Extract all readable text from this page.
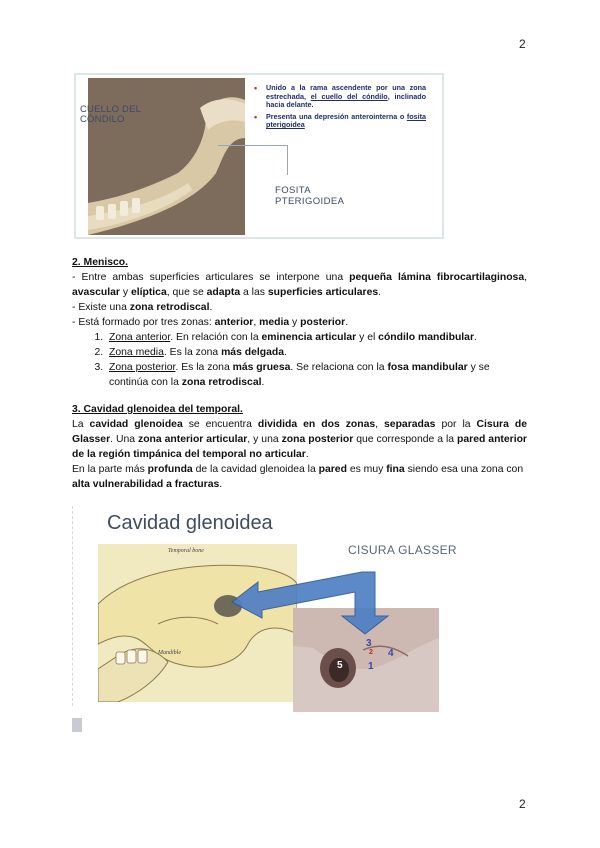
2
CUELLO DEL CÓNDILO
FOSITA PTERIGOIDEA
• Unido a la rama ascendente por una zona estrechada, el cuello del cóndilo, inclinado hacia delante.
• Presenta una depresión anterointerna o fosita pterigoidea
2. Menisco.
- Entre ambas superficies articulares se interpone una pequeña lámina fibrocartilaginosa, avascular y elíptica, que se adapta a las superficies articulares.
- Existe una zona retrodiscal.
- Está formado por tres zonas: anterior, media y posterior.
1. Zona anterior. En relación con la eminencia articular y el cóndilo mandibular.
2. Zona media. Es la zona más delgada.
3. Zona posterior. Es la zona más gruesa. Se relaciona con la fosa mandibular y se continúa con la zona retrodiscal.
3. Cavidad glenoidea del temporal.
La cavidad glenoidea se encuentra dividida en dos zonas, separadas por la Cisura de Glasser. Una zona anterior articular, y una zona posterior que corresponde a la pared anterior de la región timpánica del temporal no articular.
En la parte más profunda de la cavidad glenoidea la pared es muy fina siendo esa una zona con alta vulnerabilidad a fracturas.
Cavidad glenoidea
CISURA GLASSER
Temporal bone
Mandible
3
2 4
5	1
2
